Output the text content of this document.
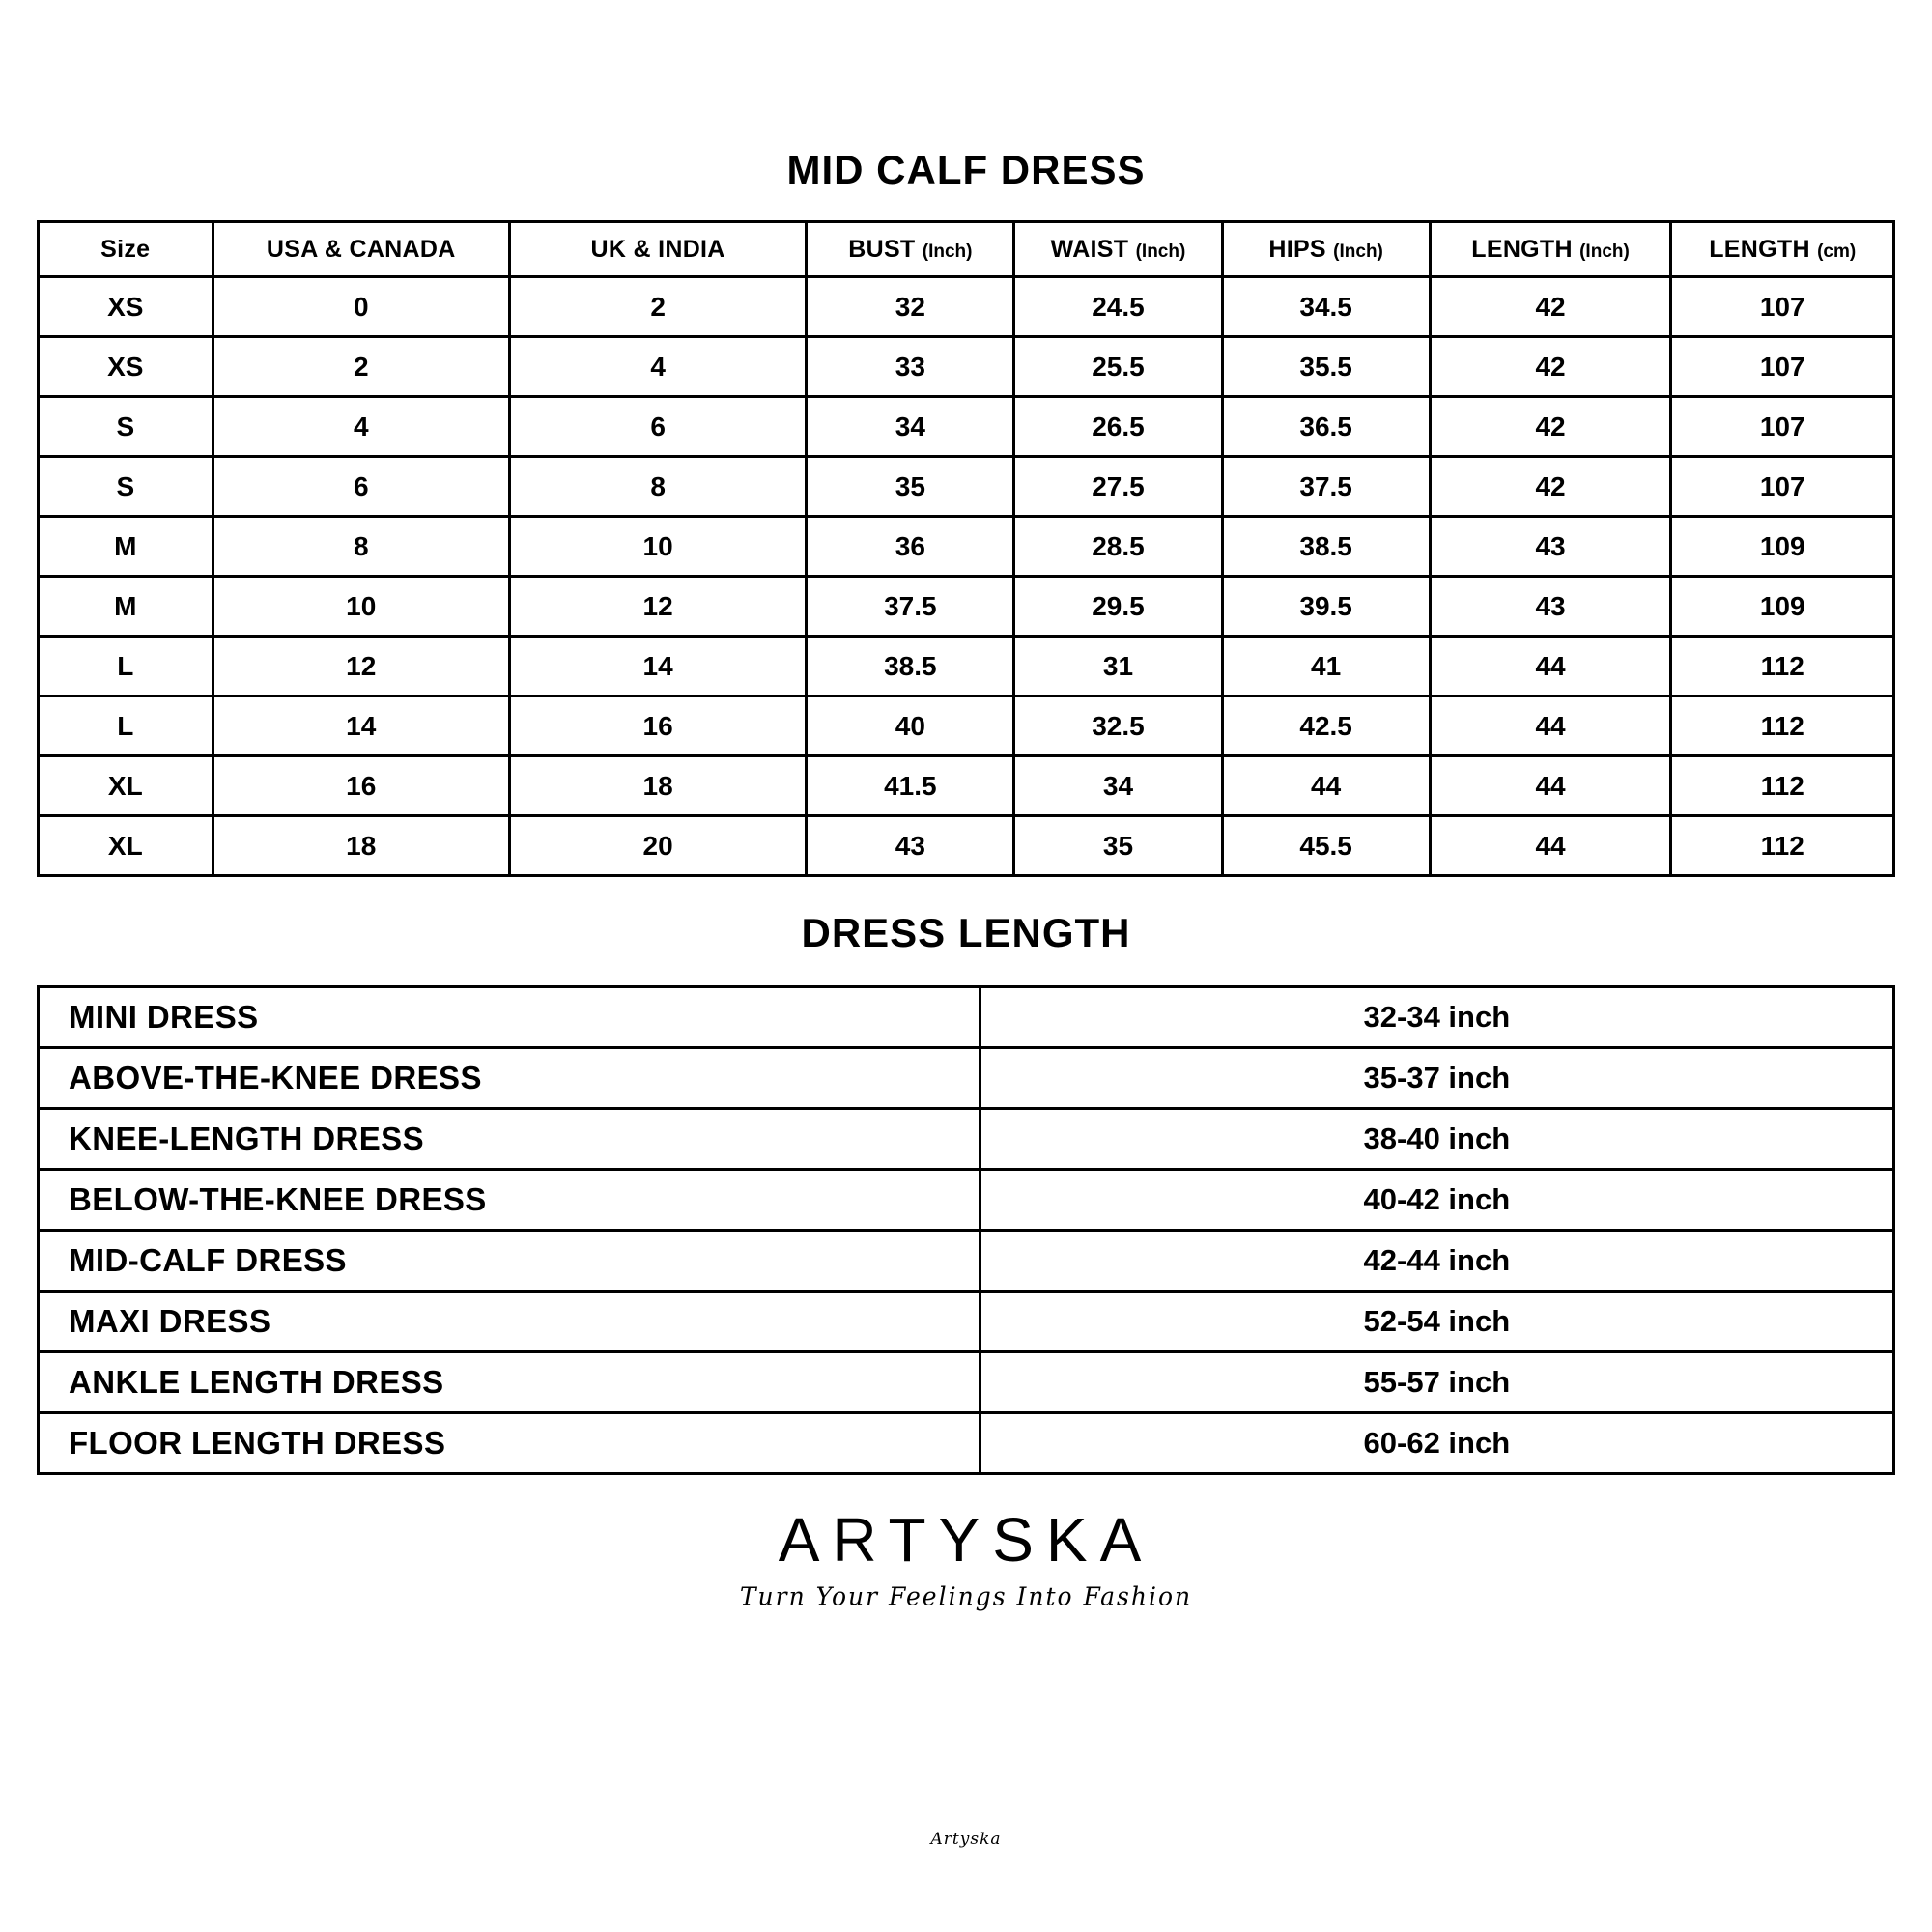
MID CALF DRESS
Size	USA & CANADA	UK & INDIA	BUST (Inch)	WAIST (Inch)	HIPS (Inch)	LENGTH (Inch)	LENGTH (cm)
XS	0	2	32	24.5	34.5	42	107
XS	2	4	33	25.5	35.5	42	107
S	4	6	34	26.5	36.5	42	107
S	6	8	35	27.5	37.5	42	107
M	8	10	36	28.5	38.5	43	109
M	10	12	37.5	29.5	39.5	43	109
L	12	14	38.5	31	41	44	112
L	14	16	40	32.5	42.5	44	112
XL	16	18	41.5	34	44	44	112
XL	18	20	43	35	45.5	44	112
DRESS LENGTH
MINI DRESS	32-34 inch
ABOVE-THE-KNEE DRESS	35-37 inch
KNEE-LENGTH DRESS	38-40 inch
BELOW-THE-KNEE DRESS	40-42 inch
MID-CALF DRESS	42-44 inch
MAXI DRESS	52-54 inch
ANKLE LENGTH DRESS	55-57 inch
FLOOR LENGTH DRESS	60-62 inch
ARTYSKA
Turn Your Feelings Into Fashion
Artyska
